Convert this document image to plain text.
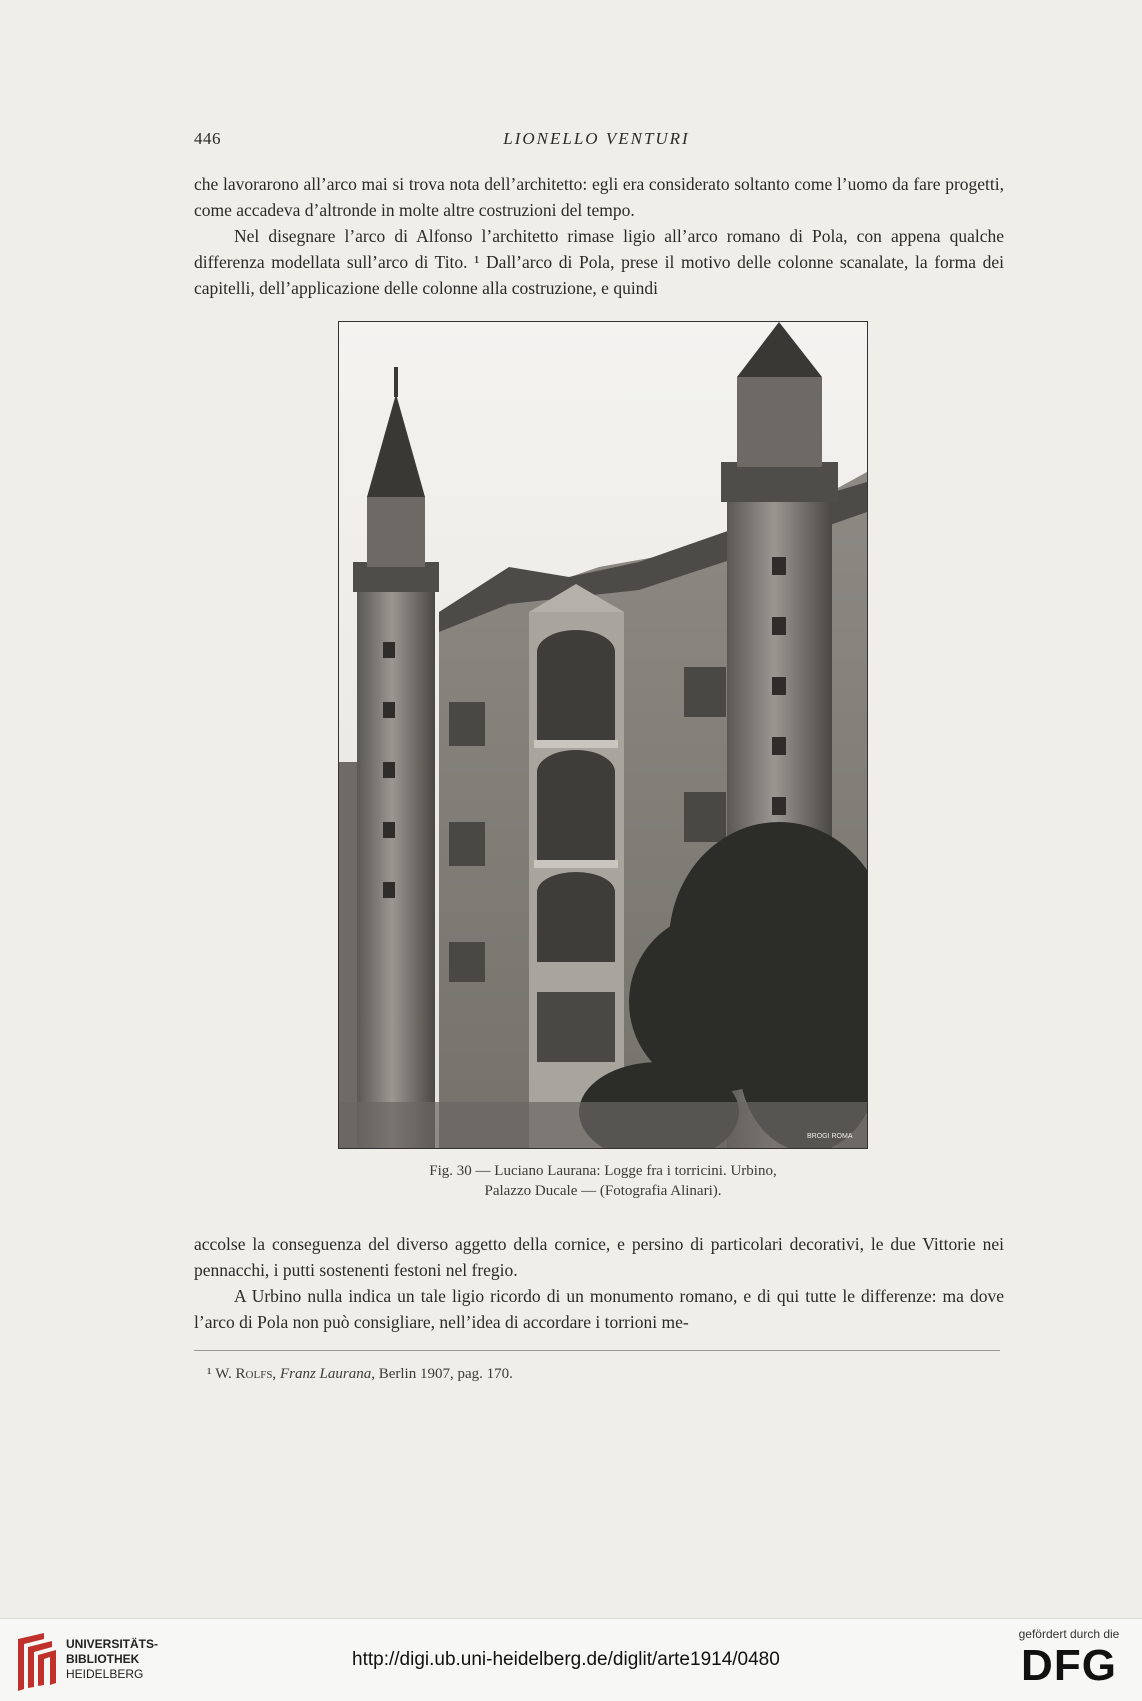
446	LIONELLO VENTURI

che lavorarono all’arco mai si trova nota dell’architetto: egli era considerato soltanto come l’uomo da fare progetti, come accadeva d’altronde in molte altre costruzioni del tempo.

Nel disegnare l’arco di Alfonso l’architetto rimase ligio all’arco romano di Pola, con appena qualche differenza modellata sull’arco di Tito. ¹ Dall’arco di Pola, prese il motivo delle colonne scanalate, la forma dei capitelli, dell’applicazione delle colonne alla costruzione, e quindi

BROGI ROMA
Fig. 30 — Luciano Laurana: Logge fra i torricini. Urbino,
Palazzo Ducale — (Fotografia Alinari).

accolse la conseguenza del diverso aggetto della cornice, e persino di particolari decorativi, le due Vittorie nei pennacchi, i putti sostenenti festoni nel fregio.

A Urbino nulla indica un tale ligio ricordo di un monumento romano, e di qui tutte le differenze: ma dove l’arco di Pola non può consigliare, nell’idea di accordare i torrioni me-

¹ W. Rolfs, Franz Laurana, Berlin 1907, pag. 170.
UNIVERSITÄTS-
BIBLIOTHEK
HEIDELBERG
http://digi.ub.uni-heidelberg.de/diglit/arte1914/0480
gefördert durch die
DFG
